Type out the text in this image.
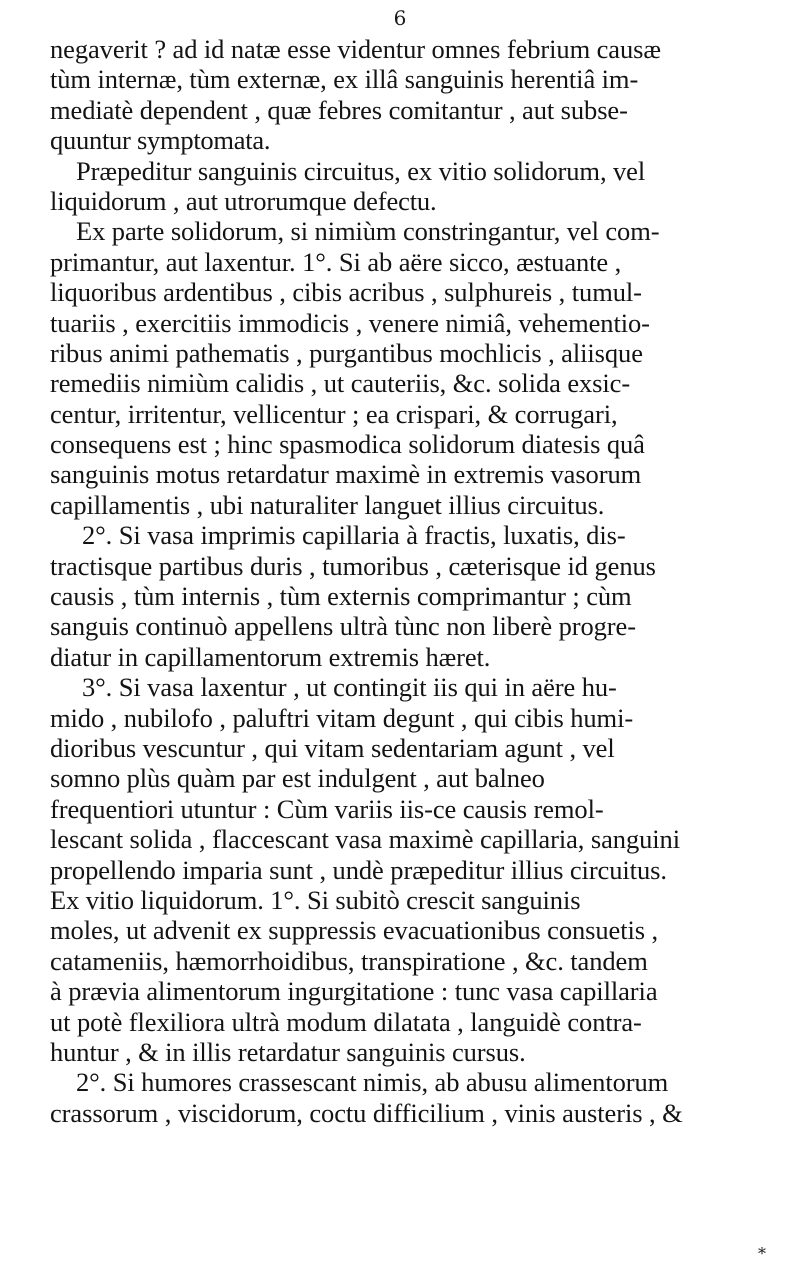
6
negaverit ? ad id natæ esse videntur omnes febrium causæ
tùm internæ, tùm externæ, ex illâ sanguinis herentiâ im-
mediatè dependent , quæ febres comitantur , aut subse-
quuntur symptomata.
Præpeditur sanguinis circuitus, ex vitio solidorum, vel
liquidorum , aut utrorumque defectu.
Ex parte solidorum, si nimiùm constringantur, vel com-
primantur, aut laxentur. 1°. Si ab aëre sicco, æstuante ,
liquoribus ardentibus , cibis acribus , sulphureis , tumul-
tuariis , exercitiis immodicis , venere nimiâ, vehementio-
ribus animi pathematis , purgantibus mochlicis , aliisque
remediis nimiùm calidis , ut cauteriis, &c. solida exsic-
centur, irritentur, vellicentur ; ea crispari, & corrugari,
consequens est ; hinc spasmodica solidorum diatesis quâ
sanguinis motus retardatur maximè in extremis vasorum
capillamentis , ubi naturaliter languet illius circuitus.
2°. Si vasa imprimis capillaria à fractis, luxatis, dis-
tractisque partibus duris , tumoribus , cæterisque id genus
causis , tùm internis , tùm externis comprimantur ; cùm
sanguis continuò appellens ultrà tùnc non liberè progre-
diatur in capillamentorum extremis hæret.
3°. Si vasa laxentur , ut contingit iis qui in aëre hu-
mido , nubilofo , paluftri vitam degunt , qui cibis humi-
dioribus vescuntur , qui vitam sedentariam agunt , vel
somno plùs quàm par est indulgent , aut balneo
frequentiori utuntur : Cùm variis iis-ce causis remol-
lescant solida , flaccescant vasa maximè capillaria, sanguini
propellendo imparia sunt , undè præpeditur illius circuitus.
Ex vitio liquidorum. 1°. Si subitò crescit sanguinis
moles, ut advenit ex suppressis evacuationibus consuetis ,
catameniis, hæmorrhoidibus, transpiratione , &c. tandem
à prævia alimentorum ingurgitatione : tunc vasa capillaria
ut potè flexiliora ultrà modum dilatata , languidè contra-
huntur , & in illis retardatur sanguinis cursus.
2°. Si humores crassescant nimis, ab abusu alimentorum
crassorum , viscidorum, coctu difficilium , vinis austeris , &
*
